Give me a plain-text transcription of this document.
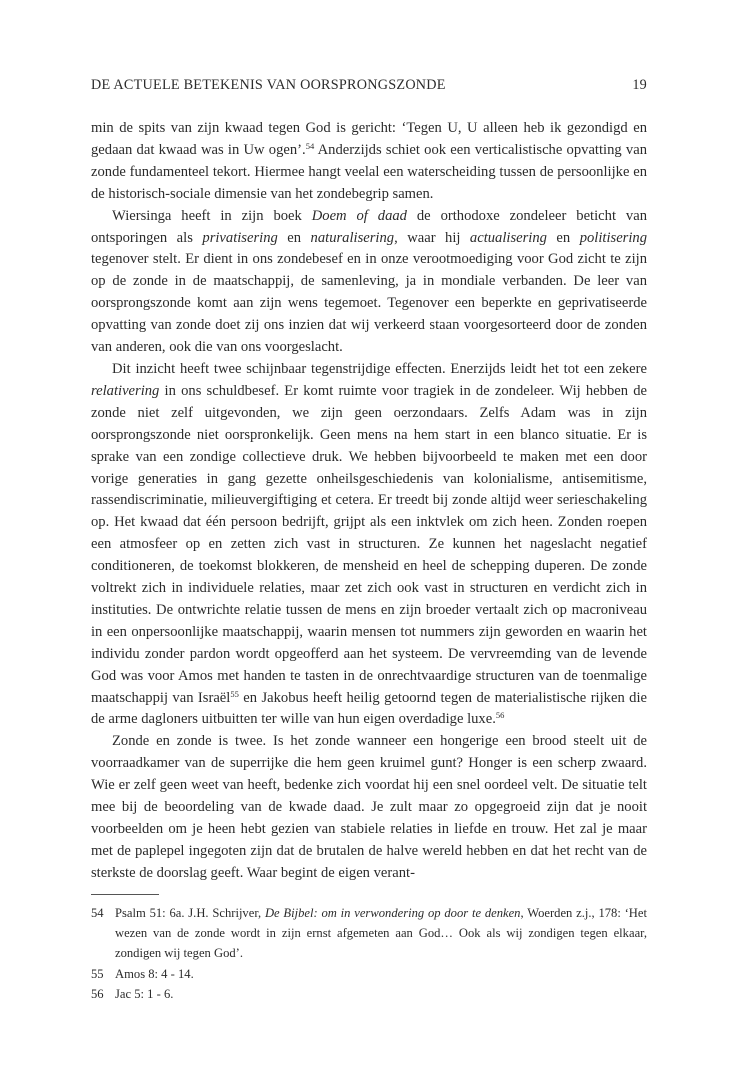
DE ACTUELE BETEKENIS VAN OORSPRONGSZONDE	19

min de spits van zijn kwaad tegen God is gericht: ‘Tegen U, U alleen heb ik gezondigd en gedaan dat kwaad was in Uw ogen’.$^{54}$ Anderzijds schiet ook een verticalistische opvatting van zonde fundamenteel tekort. Hiermee hangt veelal een waterscheiding tussen de persoonlijke en de historisch-sociale dimensie van het zondebegrip samen.

Wiersinga heeft in zijn boek Doem of daad de orthodoxe zondeleer beticht van ontsporingen als privatisering en naturalisering, waar hij actualisering en politisering tegenover stelt. Er dient in ons zondebesef en in onze verootmoediging voor God zicht te zijn op de zonde in de maatschappij, de samenleving, ja in mondiale verbanden. De leer van oorsprongszonde komt aan zijn wens tegemoet. Tegenover een beperkte en geprivatiseerde opvatting van zonde doet zij ons inzien dat wij verkeerd staan voorgesorteerd door de zonden van anderen, ook die van ons voorgeslacht.

Dit inzicht heeft twee schijnbaar tegenstrijdige effecten. Enerzijds leidt het tot een zekere relativering in ons schuldbesef. Er komt ruimte voor tragiek in de zondeleer. Wij hebben de zonde niet zelf uitgevonden, we zijn geen oerzondaars. Zelfs Adam was in zijn oorsprongszonde niet oorspronkelijk. Geen mens na hem start in een blanco situatie. Er is sprake van een zondige collectieve druk. We hebben bijvoorbeeld te maken met een door vorige generaties in gang gezette onheilsgeschiedenis van kolonialisme, antisemitisme, rassendiscriminatie, milieuvergiftiging et cetera. Er treedt bij zonde altijd weer serieschakeling op. Het kwaad dat één persoon bedrijft, grijpt als een inktvlek om zich heen. Zonden roepen een atmosfeer op en zetten zich vast in structuren. Ze kunnen het nageslacht negatief conditioneren, de toekomst blokkeren, de mensheid en heel de schepping duperen. De zonde voltrekt zich in individuele relaties, maar zet zich ook vast in structuren en verdicht zich in instituties. De ontwrichte relatie tussen de mens en zijn broeder vertaalt zich op macroniveau in een onpersoonlijke maatschappij, waarin mensen tot nummers zijn geworden en waarin het individu zonder pardon wordt opgeofferd aan het systeem. De vervreemding van de levende God was voor Amos met handen te tasten in de onrechtvaardige structuren van de toenmalige maatschappij van Israël$^{55}$ en Jakobus heeft heilig getoornd tegen de materialistische rijken die de arme dagloners uitbuitten ter wille van hun eigen overdadige luxe.$^{56}$

Zonde en zonde is twee. Is het zonde wanneer een hongerige een brood steelt uit de voorraadkamer van de superrijke die hem geen kruimel gunt? Honger is een scherp zwaard. Wie er zelf geen weet van heeft, bedenke zich voordat hij een snel oordeel velt. De situatie telt mee bij de beoordeling van de kwade daad. Je zult maar zo opgegroeid zijn dat je nooit voorbeelden om je heen hebt gezien van stabiele relaties in liefde en trouw. Het zal je maar met de paplepel ingegoten zijn dat de brutalen de halve wereld hebben en dat het recht van de sterkste de doorslag geeft. Waar begint de eigen verant-

54 Psalm 51: 6a. J.H. Schrijver, De Bijbel: om in verwondering op door te denken, Woerden z.j., 178: ‘Het wezen van de zonde wordt in zijn ernst afgemeten aan God… Ook als wij zondigen tegen elkaar, zondigen wij tegen God’.
55 Amos 8: 4 - 14.
56 Jac 5: 1 - 6.
